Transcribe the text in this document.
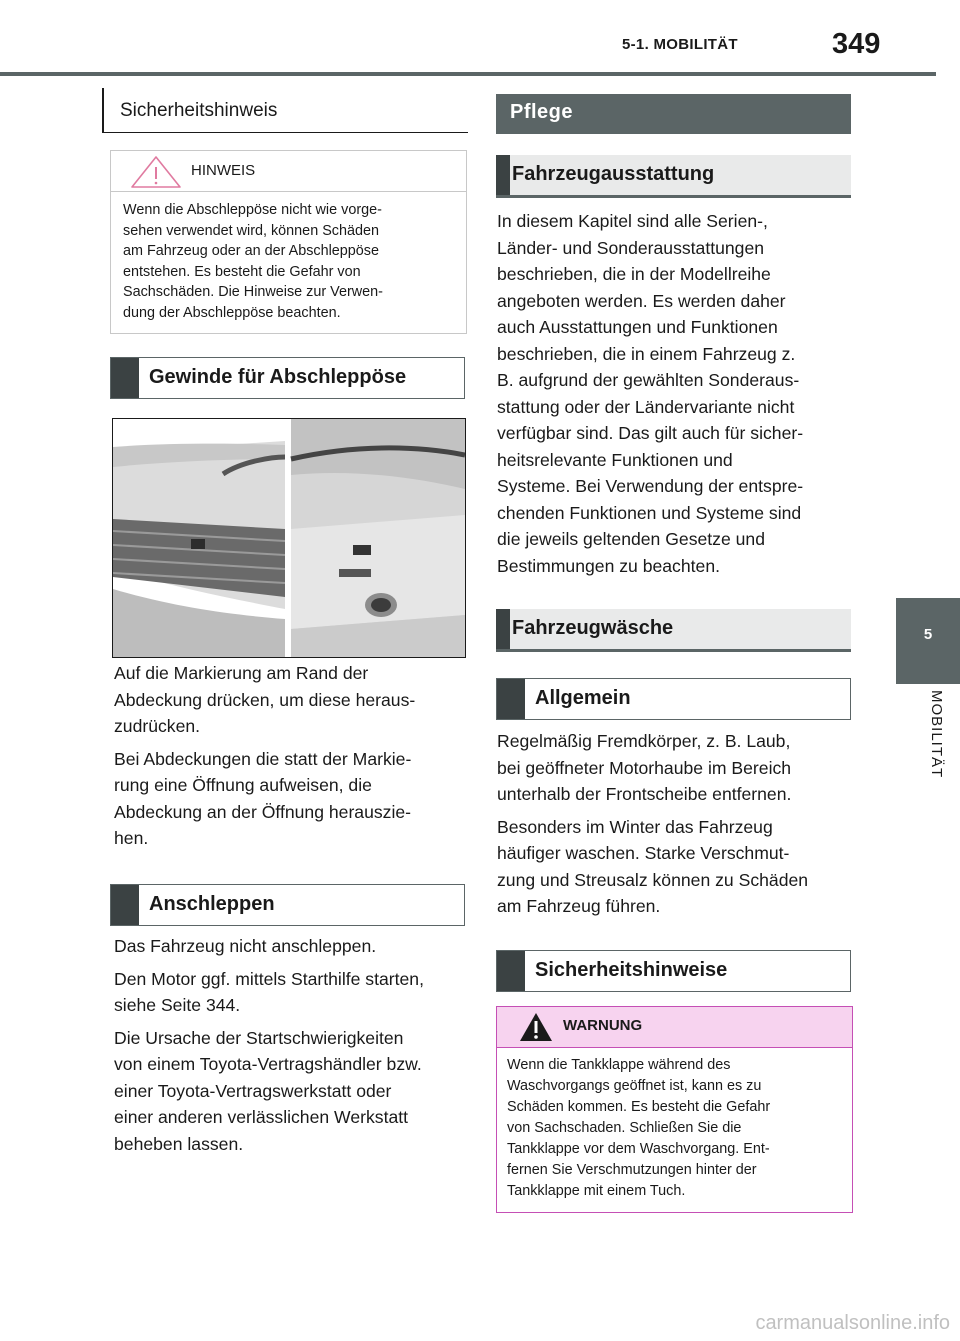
5-1. MOBILITÄT	349
5
MOBILITÄT
Sicherheitshinweis
HINWEIS
Wenn die Abschleppöse nicht wie vorge-
sehen verwendet wird, können Schäden
am Fahrzeug oder an der Abschleppöse
entstehen. Es besteht die Gefahr von
Sachschäden. Die Hinweise zur Verwen-
dung der Abschleppöse beachten.
Gewinde für Abschleppöse

Auf die Markierung am Rand der
Abdeckung drücken, um diese heraus-
zudrücken.

Bei Abdeckungen die statt der Markie-
rung eine Öffnung aufweisen, die
Abdeckung an der Öffnung herauszie-
hen.

Anschleppen

Das Fahrzeug nicht anschleppen.

Den Motor ggf. mittels Starthilfe starten,
siehe Seite 344.

Die Ursache der Startschwierigkeiten
von einem Toyota-Vertragshändler bzw.
einer Toyota-Vertragswerkstatt oder
einer anderen verlässlichen Werkstatt
beheben lassen.

Pflege
Fahrzeugausstattung
In diesem Kapitel sind alle Serien-,
Länder- und Sonderausstattungen
beschrieben, die in der Modellreihe
angeboten werden. Es werden daher
auch Ausstattungen und Funktionen
beschrieben, die in einem Fahrzeug z.
B. aufgrund der gewählten Sonderaus-
stattung oder der Ländervariante nicht
verfügbar sind. Das gilt auch für sicher-
heitsrelevante Funktionen und
Systeme. Bei Verwendung der entspre-
chenden Funktionen und Systeme sind
die jeweils geltenden Gesetze und
Bestimmungen zu beachten.
Fahrzeugwäsche
Allgemein

Regelmäßig Fremdkörper, z. B. Laub,
bei geöffneter Motorhaube im Bereich
unterhalb der Frontscheibe entfernen.

Besonders im Winter das Fahrzeug
häufiger waschen. Starke Verschmut-
zung und Streusalz können zu Schäden
am Fahrzeug führen.

Sicherheitshinweise
WARNUNG
Wenn die Tankklappe während des
Waschvorgangs geöffnet ist, kann es zu
Schäden kommen. Es besteht die Gefahr
von Sachschaden. Schließen Sie die
Tankklappe vor dem Waschvorgang. Ent-
fernen Sie Verschmutzungen hinter der
Tankklappe mit einem Tuch.
carmanualsonline.info
